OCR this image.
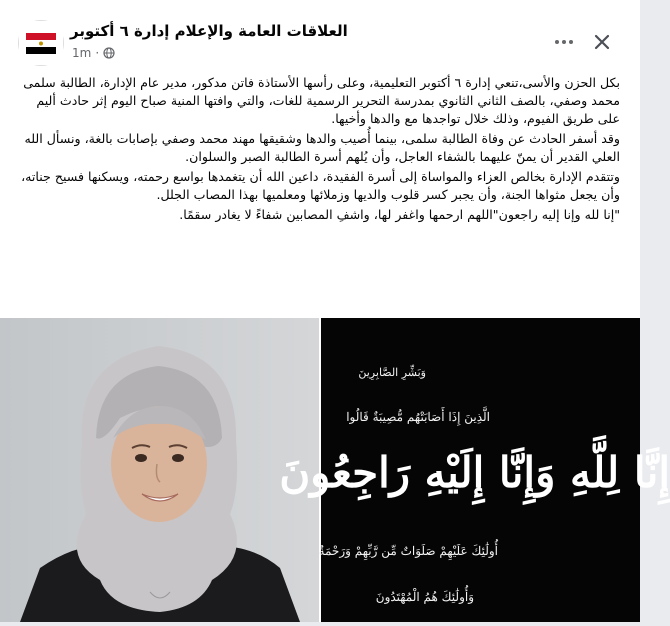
العلاقات العامة والإعلام إدارة ٦ أكتوبر
1m ·

بكل الحزن والأسى،تنعي إدارة ٦ أكتوبر التعليمية، وعلى رأسها الأستاذة فاتن مدكور، مدير عام الإدارة، الطالبة سلمى محمد وصفي، بالصف الثاني الثانوي بمدرسة التحرير الرسمية للغات، والتي وافتها المنية صباح اليوم إثر حادث أليم على طريق الفيوم، وذلك خلال تواجدها مع والدها وأخيها.

وقد أسفر الحادث عن وفاة الطالبة سلمى، بينما أُصيب والدها وشقيقها مهند محمد وصفي بإصابات بالغة، ونسأل الله العلي القدير أن يمنّ عليهما بالشفاء العاجل، وأن يُلهم أسرة الطالبة الصبر والسلوان.

وتتقدم الإدارة بخالص العزاء والمواساة إلى أسرة الفقيدة، داعين الله أن يتغمدها بواسع رحمته، ويسكنها فسيح جناته، وأن يجعل مثواها الجنة، وأن يجبر كسر قلوب والديها وزملائها ومعلميها بهذا المصاب الجلل.

"إنا لله وإنا إليه راجعون"اللهم ارحمها واغفر لها، واشفِ المصابين شفاءً لا يغادر سقمًا.

وَبَشِّرِ الصَّابِرِينَ
الَّذِينَ إِذَا أَصَابَتْهُم مُّصِيبَةٌ قَالُوا
إِنَّا لِلَّهِ وَإِنَّا إِلَيْهِ رَاجِعُونَ
أُولَٰئِكَ عَلَيْهِمْ صَلَوَاتٌ مِّن رَّبِّهِمْ وَرَحْمَةٌ
وَأُولَٰئِكَ هُمُ الْمُهْتَدُونَ
